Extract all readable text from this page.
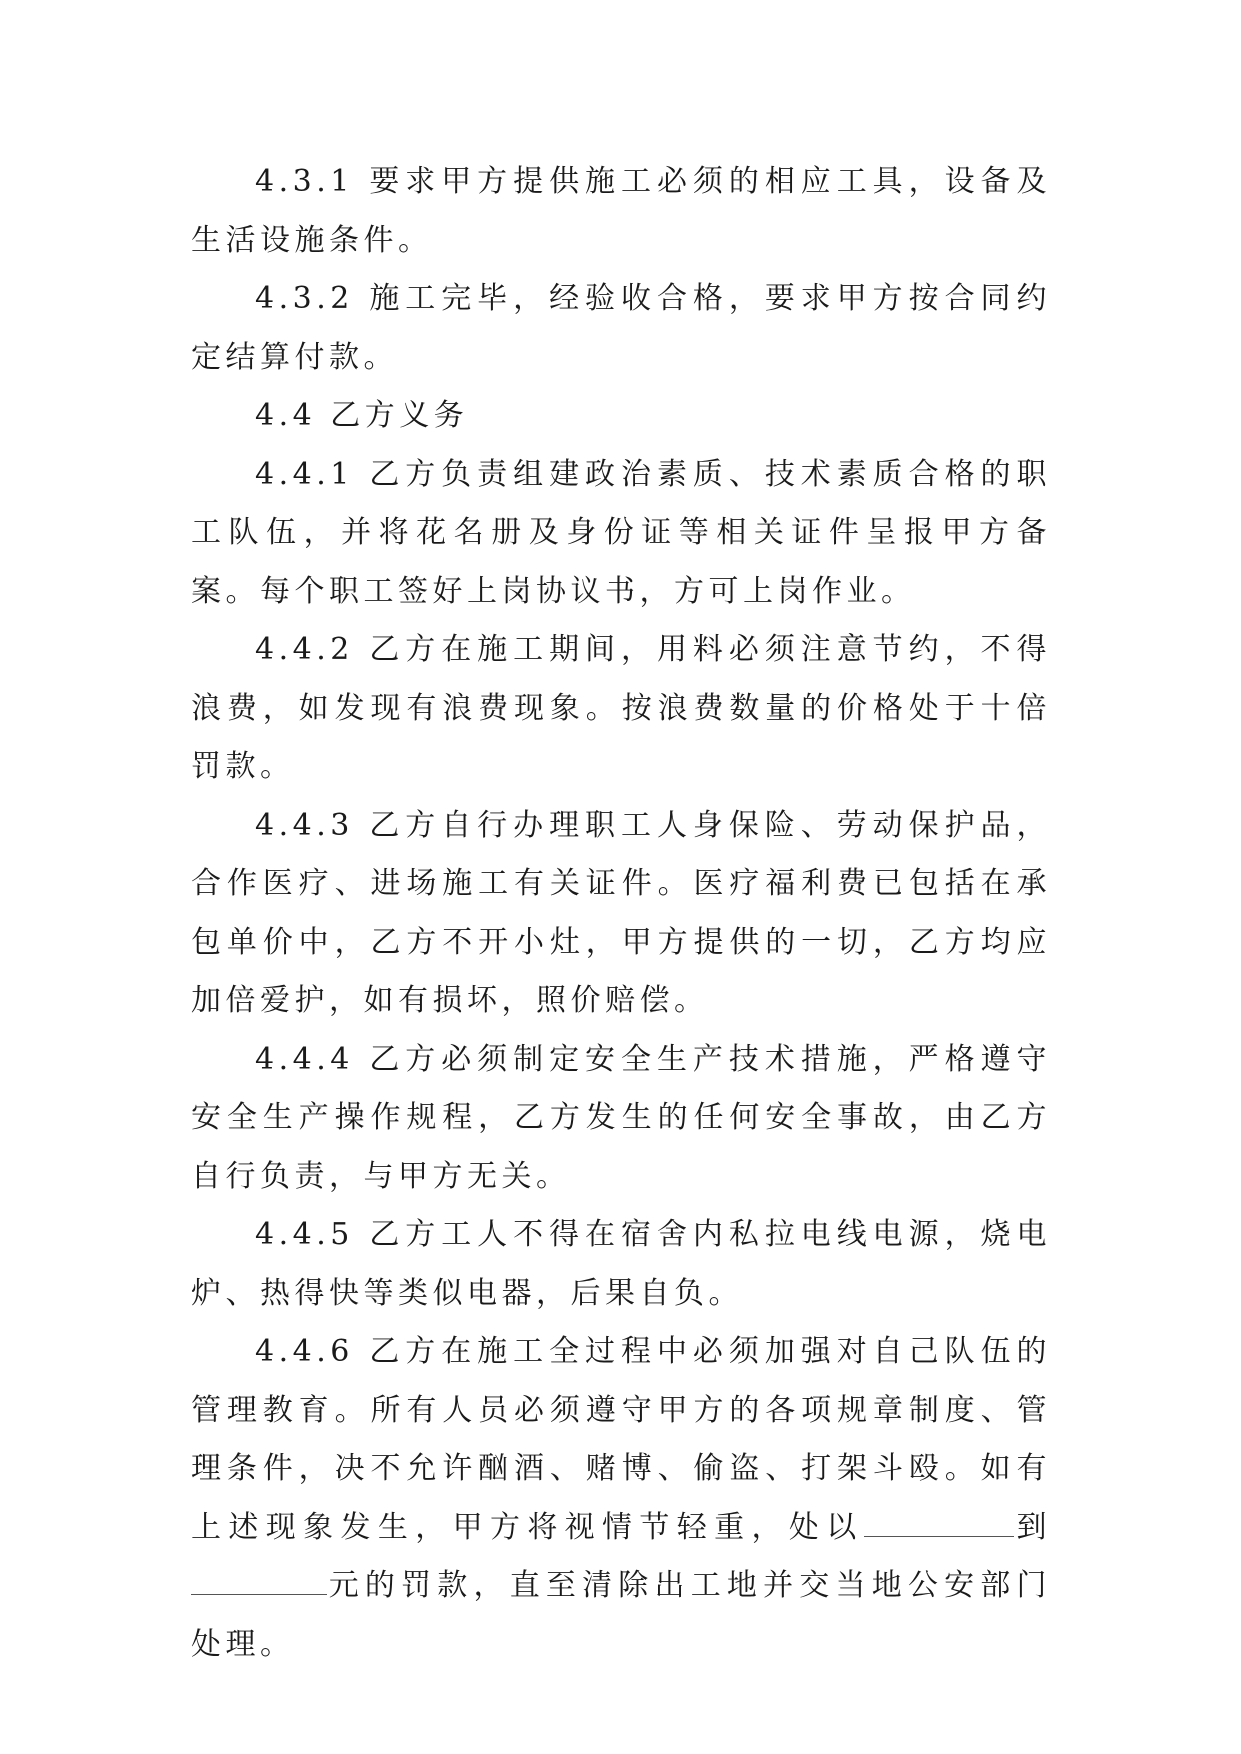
4.3.1 要求甲方提供施工必须的相应工具，设备及生活设施条件。

4.3.2 施工完毕，经验收合格，要求甲方按合同约定结算付款。

4.4 乙方义务

4.4.1 乙方负责组建政治素质、技术素质合格的职工队伍，并将花名册及身份证等相关证件呈报甲方备案。每个职工签好上岗协议书，方可上岗作业。

4.4.2 乙方在施工期间，用料必须注意节约，不得浪费，如发现有浪费现象。按浪费数量的价格处于十倍罚款。

4.4.3 乙方自行办理职工人身保险、劳动保护品，合作医疗、进场施工有关证件。医疗福利费已包括在承包单价中，乙方不开小灶，甲方提供的一切，乙方均应加倍爱护，如有损坏，照价赔偿。

4.4.4 乙方必须制定安全生产技术措施，严格遵守安全生产操作规程，乙方发生的任何安全事故，由乙方自行负责，与甲方无关。

4.4.5 乙方工人不得在宿舍内私拉电线电源，烧电炉、热得快等类似电器，后果自负。

4.4.6 乙方在施工全过程中必须加强对自己队伍的管理教育。所有人员必须遵守甲方的各项规章制度、管理条件，决不允许酗酒、赌博、偷盗、打架斗殴。如有上述现象发生，甲方将视情节轻重，处以	到元的罚款，直至清除出工地并交当地公安部门处理。
